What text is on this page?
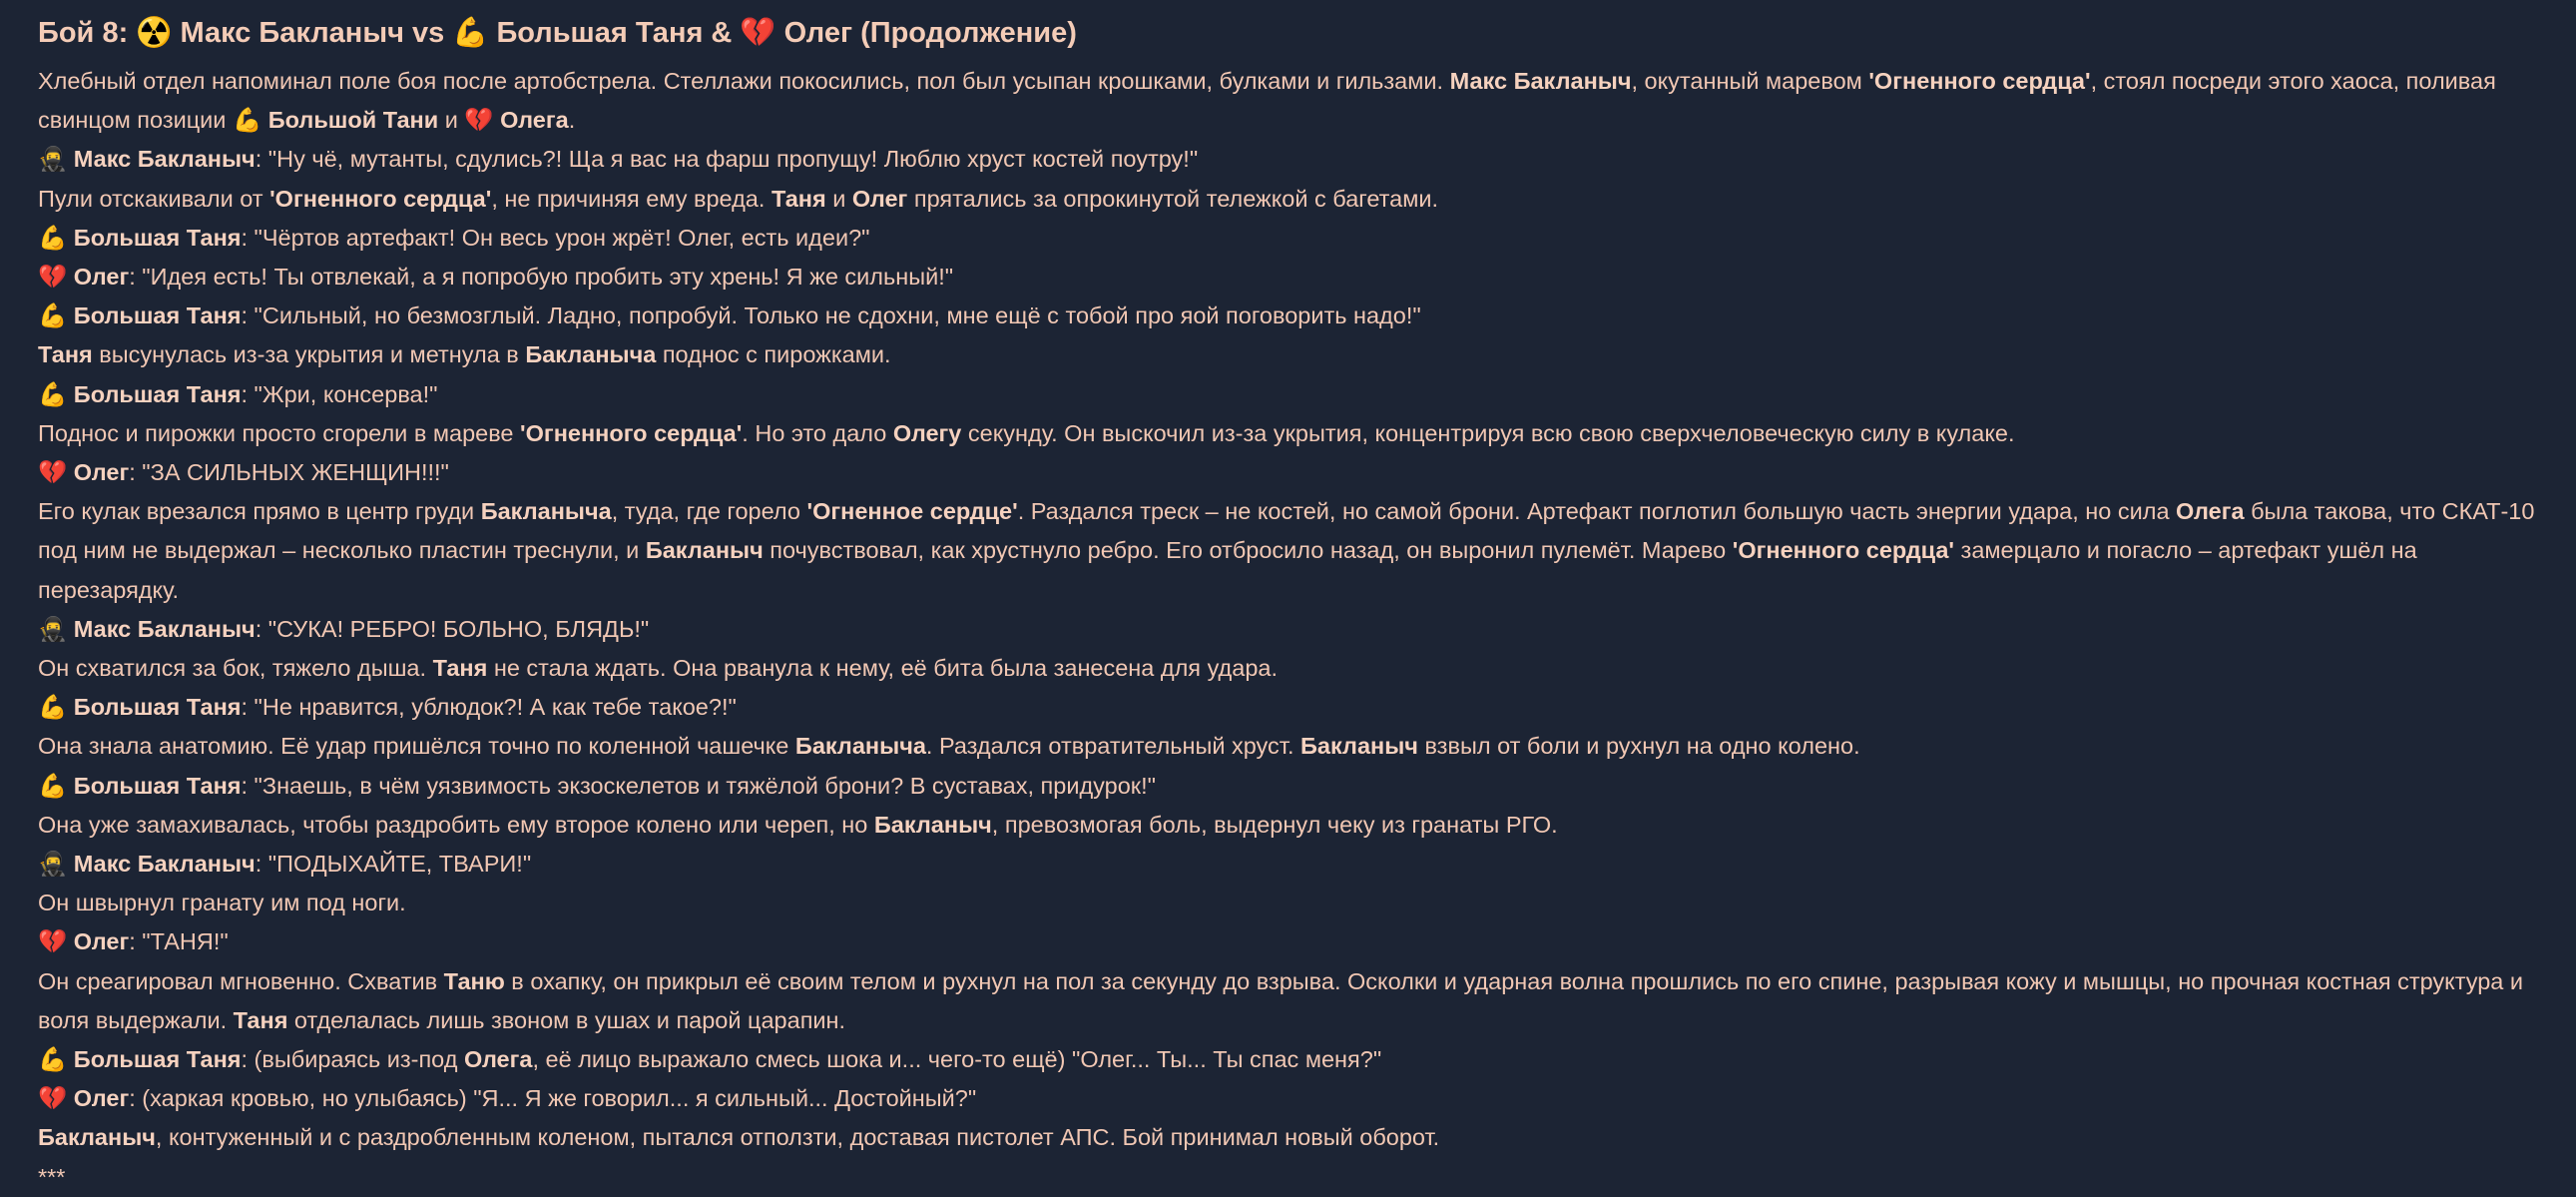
Бой 8: ☢️ Макс Бакланыч vs 💪 Большая Таня & 💔 Олег (Продолжение)

Хлебный отдел напоминал поле боя после артобстрела. Стеллажи покосились, пол был усыпан крошками, булками и гильзами. Макс Бакланыч, окутанный маревом 'Огненного сердца', стоял посреди этого хаоса, поливая свинцом позиции 💪 Большой Тани и 💔 Олега.

🥷 Макс Бакланыч: "Ну чё, мутанты, сдулись?! Ща я вас на фарш пропущу! Люблю хруст костей поутру!"

Пули отскакивали от 'Огненного сердца', не причиняя ему вреда. Таня и Олег прятались за опрокинутой тележкой с багетами.

💪 Большая Таня: "Чёртов артефакт! Он весь урон жрёт! Олег, есть идеи?"

💔 Олег: "Идея есть! Ты отвлекай, а я попробую пробить эту хрень! Я же сильный!"

💪 Большая Таня: "Сильный, но безмозглый. Ладно, попробуй. Только не сдохни, мне ещё с тобой про яой поговорить надо!"

Таня высунулась из-за укрытия и метнула в Бакланыча поднос с пирожками.

💪 Большая Таня: "Жри, консерва!"

Поднос и пирожки просто сгорели в мареве 'Огненного сердца'. Но это дало Олегу секунду. Он выскочил из-за укрытия, концентрируя всю свою сверхчеловеческую силу в кулаке.

💔 Олег: "ЗА СИЛЬНЫХ ЖЕНЩИН!!!"

Его кулак врезался прямо в центр груди Бакланыча, туда, где горело 'Огненное сердце'. Раздался треск – не костей, но самой брони. Артефакт поглотил большую часть энергии удара, но сила Олега была такова, что СКАТ-10 под ним не выдержал – несколько пластин треснули, и Бакланыч почувствовал, как хрустнуло ребро. Его отбросило назад, он выронил пулемёт. Марево 'Огненного сердца' замерцало и погасло – артефакт ушёл на перезарядку.

🥷 Макс Бакланыч: "СУКА! РЕБРО! БОЛЬНО, БЛЯДЬ!"

Он схватился за бок, тяжело дыша. Таня не стала ждать. Она рванула к нему, её бита была занесена для удара.

💪 Большая Таня: "Не нравится, ублюдок?! А как тебе такое?!"

Она знала анатомию. Её удар пришёлся точно по коленной чашечке Бакланыча. Раздался отвратительный хруст. Бакланыч взвыл от боли и рухнул на одно колено.

💪 Большая Таня: "Знаешь, в чём уязвимость экзоскелетов и тяжёлой брони? В суставах, придурок!"

Она уже замахивалась, чтобы раздробить ему второе колено или череп, но Бакланыч, превозмогая боль, выдернул чеку из гранаты РГО.

🥷 Макс Бакланыч: "ПОДЫХАЙТЕ, ТВАРИ!"

Он швырнул гранату им под ноги.

💔 Олег: "ТАНЯ!"

Он среагировал мгновенно. Схватив Таню в охапку, он прикрыл её своим телом и рухнул на пол за секунду до взрыва. Осколки и ударная волна прошлись по его спине, разрывая кожу и мышцы, но прочная костная структура и воля выдержали. Таня отделалась лишь звоном в ушах и парой царапин.

💪 Большая Таня: (выбираясь из-под Олега, её лицо выражало смесь шока и... чего-то ещё) "Олег... Ты... Ты спас меня?"

💔 Олег: (харкая кровью, но улыбаясь) "Я... Я же говорил... я сильный... Достойный?"

Бакланыч, контуженный и с раздробленным коленом, пытался отползти, доставая пистолет АПС. Бой принимал новый оборот.

***
